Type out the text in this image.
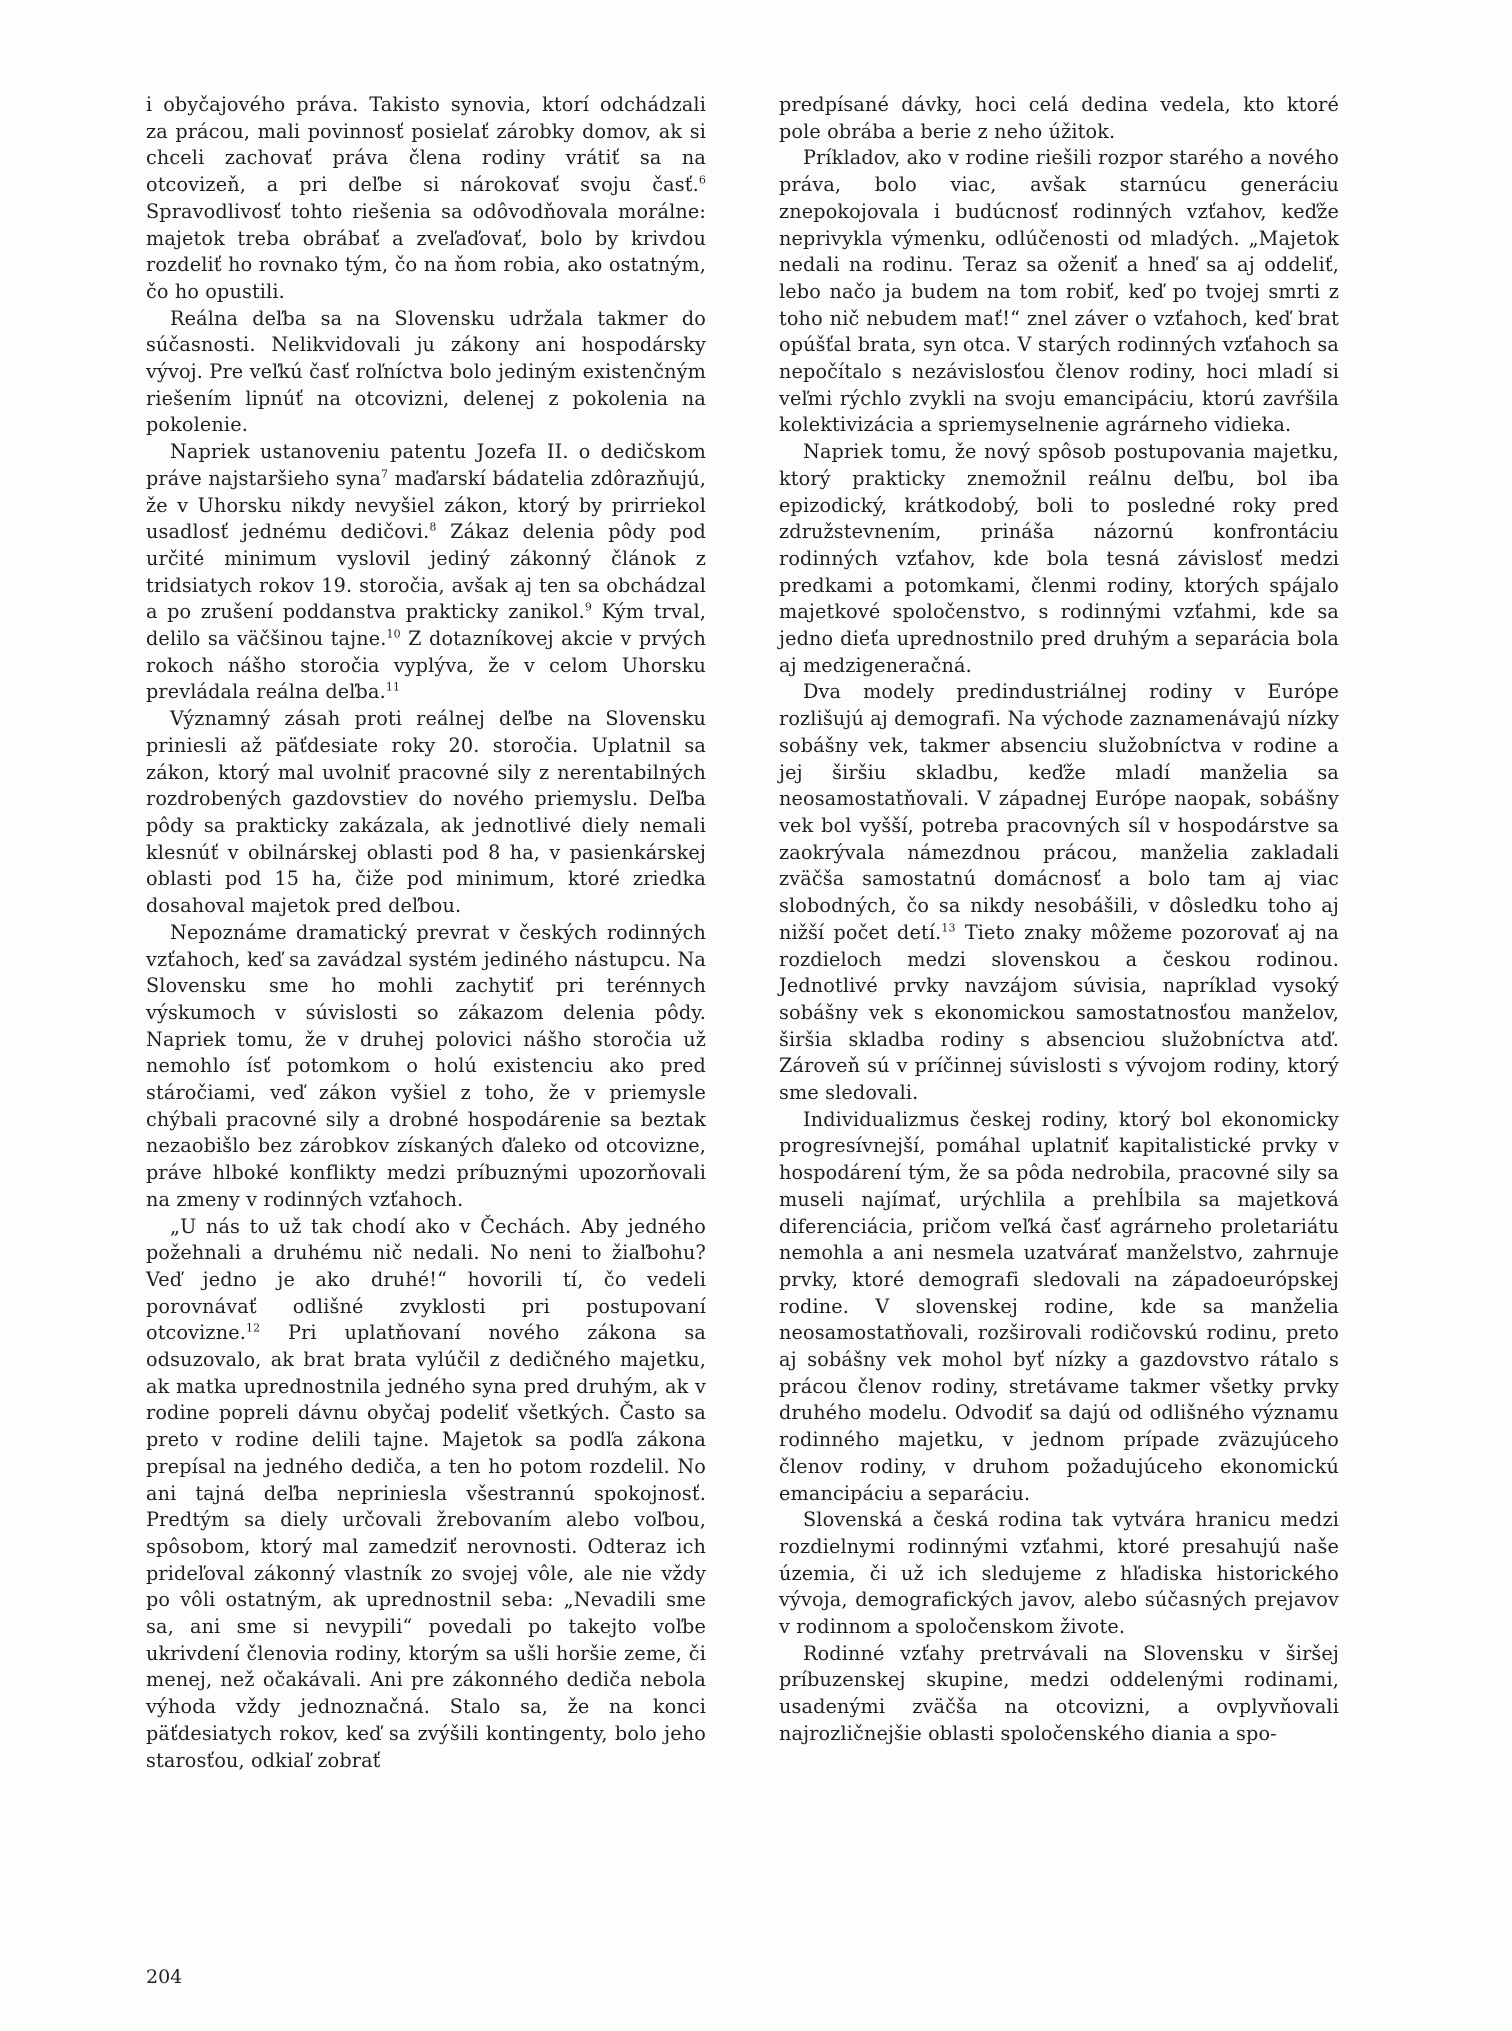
i obyčajového práva. Takisto synovia, ktorí odchádzali za prácou, mali povinnosť posielať zárobky domov, ak si chceli zachovať práva člena rodiny vrátiť sa na otcovizeň, a pri deľbe si nárokovať svoju časť.$^6$ Spravodlivosť tohto riešenia sa odôvodňovala morálne: majetok treba obrábať a zveľaďovať, bolo by krivdou rozdeliť ho rovnako tým, čo na ňom robia, ako ostatným, čo ho opustili.

Reálna deľba sa na Slovensku udržala takmer do súčasnosti. Nelikvidovali ju zákony ani hospodársky vývoj. Pre veľkú časť roľníctva bolo jediným existenčným riešením lipnúť na otcovizni, delenej z pokolenia na pokolenie.

Napriek ustanoveniu patentu Jozefa II. o dedičskom práve najstaršieho syna$^7$ maďarskí bádatelia zdôrazňujú, že v Uhorsku nikdy nevyšiel zákon, ktorý by prirriekol usadlosť jednému dedičovi.$^8$ Zákaz delenia pôdy pod určité minimum vyslovil jediný zákonný článok z tridsiatych rokov 19. storočia, avšak aj ten sa obchádzal a po zrušení poddanstva prakticky zanikol.$^9$ Kým trval, delilo sa väčšinou tajne.$^{10}$ Z dotazníkovej akcie v prvých rokoch nášho storočia vyplýva, že v celom Uhorsku prevládala reálna deľba.$^{11}$

Významný zásah proti reálnej deľbe na Slovensku priniesli až päťdesiate roky 20. storočia. Uplatnil sa zákon, ktorý mal uvolniť pracovné sily z nerentabilných rozdrobených gazdovstiev do nového priemyslu. Deľba pôdy sa prakticky zakázala, ak jednotlivé diely nemali klesnúť v obilnárskej oblasti pod 8 ha, v pasienkárskej oblasti pod 15 ha, čiže pod minimum, ktoré zriedka dosahoval majetok pred deľbou.

Nepoznáme dramatický prevrat v českých rodinných vzťahoch, keď sa zavádzal systém jediného nástupcu. Na Slovensku sme ho mohli zachytiť pri terénnych výskumoch v súvislosti so zákazom delenia pôdy. Napriek tomu, že v druhej polovici nášho storočia už nemohlo ísť potomkom o holú existenciu ako pred stáročiami, veď zákon vyšiel z toho, že v priemysle chýbali pracovné sily a drobné hospodárenie sa beztak nezaobišlo bez zárobkov získaných ďaleko od otcovizne, práve hlboké konflikty medzi príbuznými upozorňovali na zmeny v rodinných vzťahoch.

„U nás to už tak chodí ako v Čechách. Aby jedného požehnali a druhému nič nedali. No neni to žiaľbohu? Veď jedno je ako druhé!“ hovorili tí, čo vedeli porovnávať odlišné zvyklosti pri postupovaní otcovizne.$^{12}$ Pri uplatňovaní nového zákona sa odsuzovalo, ak brat brata vylúčil z dedičného majetku, ak matka uprednostnila jedného syna pred druhým, ak v rodine popreli dávnu obyčaj podeliť všetkých. Často sa preto v rodine delili tajne. Majetok sa podľa zákona prepísal na jedného dediča, a ten ho potom rozdelil. No ani tajná deľba nepriniesla všestrannú spokojnosť. Predtým sa diely určovali žrebovaním alebo voľbou, spôsobom, ktorý mal zamedziť nerovnosti. Odteraz ich prideľoval zákonný vlastník zo svojej vôle, ale nie vždy po vôli ostatným, ak uprednostnil seba: „Nevadili sme sa, ani sme si nevypili“ povedali po takejto voľbe ukrivdení členovia rodiny, ktorým sa ušli horšie zeme, či menej, než očakávali. Ani pre zákonného dediča nebola výhoda vždy jednoznačná. Stalo sa, že na konci päťdesiatych rokov, keď sa zvýšili kontingenty, bolo jeho starosťou, odkiaľ zobrať

predpísané dávky, hoci celá dedina vedela, kto ktoré pole obrába a berie z neho úžitok.

Príkladov, ako v rodine riešili rozpor starého a nového práva, bolo viac, avšak starnúcu generáciu znepokojovala i budúcnosť rodinných vzťahov, keďže neprivykla výmenku, odlúčenosti od mladých. „Majetok nedali na rodinu. Teraz sa oženiť a hneď sa aj oddeliť, lebo načo ja budem na tom robiť, keď po tvojej smrti z toho nič nebudem mať!“ znel záver o vzťahoch, keď brat opúšťal brata, syn otca. V starých rodinných vzťahoch sa nepočítalo s nezávislosťou členov rodiny, hoci mladí si veľmi rýchlo zvykli na svoju emancipáciu, ktorú zavŕšila kolektivizácia a spriemyselnenie agrárneho vidieka.

Napriek tomu, že nový spôsob postupovania majetku, ktorý prakticky znemožnil reálnu deľbu, bol iba epizodický, krátkodobý, boli to posledné roky pred združstevnením, prináša názornú konfrontáciu rodinných vzťahov, kde bola tesná závislosť medzi predkami a potomkami, členmi rodiny, ktorých spájalo majetkové spoločenstvo, s rodinnými vzťahmi, kde sa jedno dieťa uprednostnilo pred druhým a separácia bola aj medzigeneračná.

Dva modely predindustriálnej rodiny v Európe rozlišujú aj demografi. Na východe zaznamenávajú nízky sobášny vek, takmer absenciu služobníctva v rodine a jej širšiu skladbu, keďže mladí manželia sa neosamostatňovali. V západnej Európe naopak, sobášny vek bol vyšší, potreba pracovných síl v hospodárstve sa zaokrývala námezdnou prácou, manželia zakladali zväčša samostatnú domácnosť a bolo tam aj viac slobodných, čo sa nikdy nesobášili, v dôsledku toho aj nižší počet detí.$^{13}$ Tieto znaky môžeme pozorovať aj na rozdieloch medzi slovenskou a českou rodinou. Jednotlivé prvky navzájom súvisia, napríklad vysoký sobášny vek s ekonomickou samostatnosťou manželov, širšia skladba rodiny s absenciou služobníctva atď. Zároveň sú v príčinnej súvislosti s vývojom rodiny, ktorý sme sledovali.

Individualizmus českej rodiny, ktorý bol ekonomicky progresívnejší, pomáhal uplatniť kapitalistické prvky v hospodárení tým, že sa pôda nedrobila, pracovné sily sa museli najímať, urýchlila a prehĺbila sa majetková diferenciácia, pričom veľká časť agrárneho proletariátu nemohla a ani nesmela uzatvárať manželstvo, zahrnuje prvky, ktoré demografi sledovali na západoeurópskej rodine. V slovenskej rodine, kde sa manželia neosamostatňovali, rozširovali rodičovskú rodinu, preto aj sobášny vek mohol byť nízky a gazdovstvo rátalo s prácou členov rodiny, stretávame takmer všetky prvky druhého modelu. Odvodiť sa dajú od odlišného významu rodinného majetku, v jednom prípade zväzujúceho členov rodiny, v druhom požadujúceho ekonomickú emancipáciu a separáciu.

Slovenská a česká rodina tak vytvára hranicu medzi rozdielnymi rodinnými vzťahmi, ktoré presahujú naše územia, či už ich sledujeme z hľadiska historického vývoja, demografických javov, alebo súčasných prejavov v rodinnom a spoločenskom živote.

Rodinné vzťahy pretrvávali na Slovensku v širšej príbuzenskej skupine, medzi oddelenými rodinami, usadenými zväčša na otcovizni, a ovplyvňovali najrozličnejšie oblasti spoločenského diania a spo-

204
